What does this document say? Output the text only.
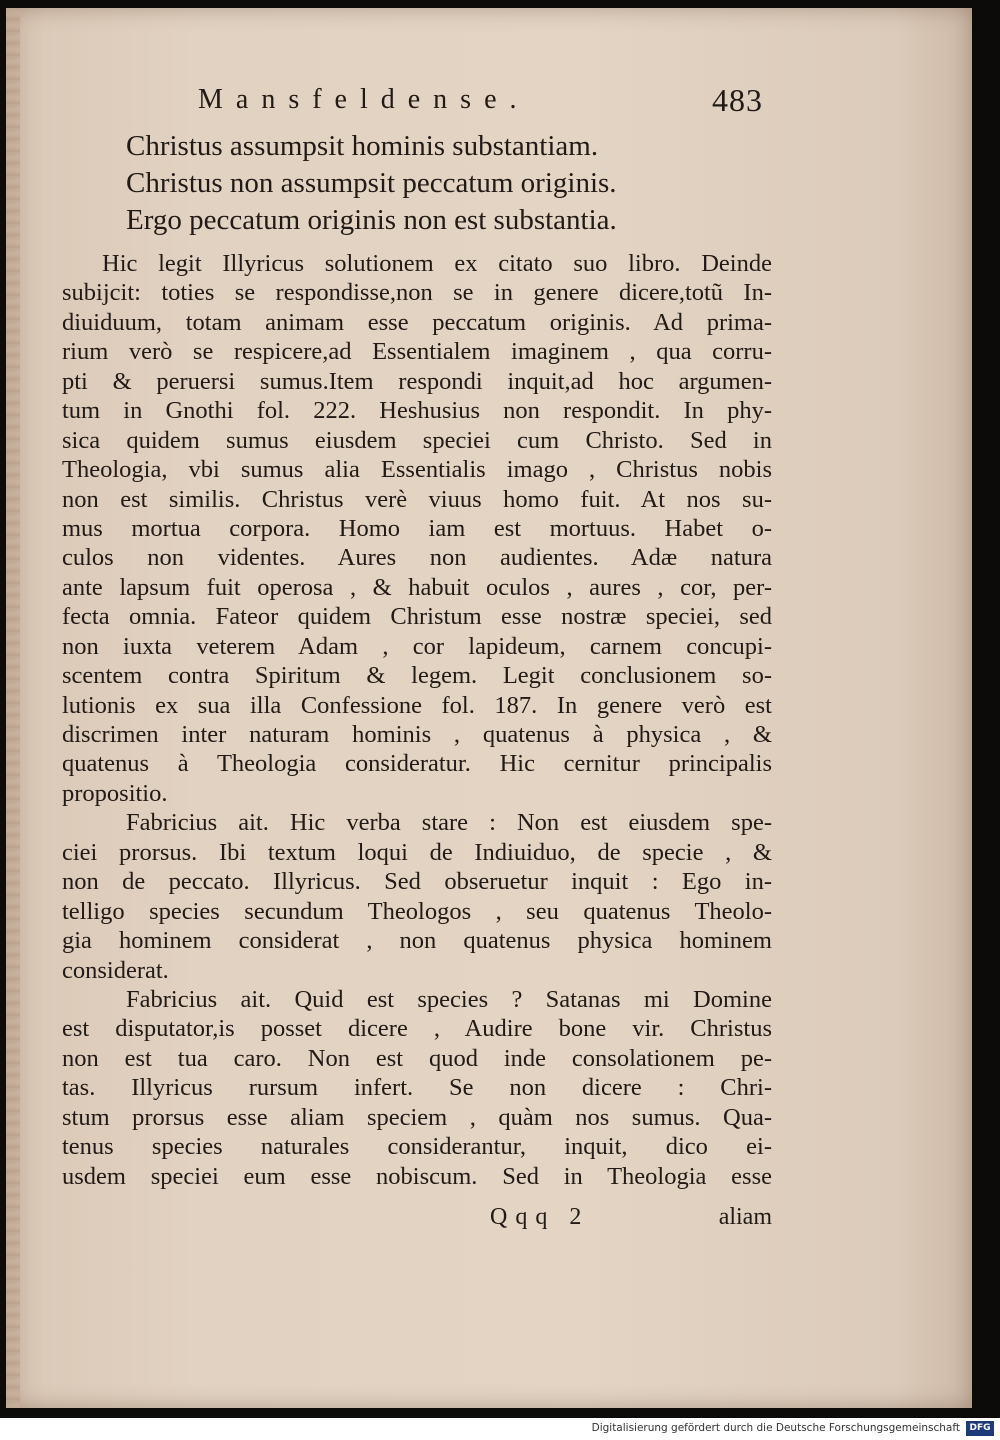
Mansfeldense.	483
Christus assumpsit hominis substantiam.
Christus non assumpsit peccatum originis.
Ergo peccatum originis non est substantia.
Hic legit Illyricus solutionem ex citato suo libro. Deinde
subijcit: toties se respondisse,non se in genere dicere,totũ In-
diuiduum, totam animam esse peccatum originis. Ad prima-
rium verò se respicere,ad Essentialem imaginem , qua corru-
pti & peruersi sumus.Item respondi inquit,ad hoc argumen-
tum in Gnothi fol. 222. Heshusius non respondit. In phy-
sica quidem sumus eiusdem speciei cum Christo. Sed in
Theologia, vbi sumus alia Essentialis imago , Christus nobis
non est similis. Christus verè viuus homo fuit. At nos su-
mus mortua corpora. Homo iam est mortuus. Habet o-
culos non videntes. Aures non audientes. Adæ natura
ante lapsum fuit operosa , & habuit oculos , aures , cor, per-
fecta omnia. Fateor quidem Christum esse nostræ speciei, sed
non iuxta veterem Adam , cor lapideum, carnem concupi-
scentem contra Spiritum & legem. Legit conclusionem so-
lutionis ex sua illa Confessione fol. 187. In genere verò est
discrimen inter naturam hominis , quatenus à physica , &
quatenus à Theologia consideratur. Hic cernitur principalis
propositio.
Fabricius ait. Hic verba stare : Non est eiusdem spe-
ciei prorsus. Ibi textum loqui de Indiuiduo, de specie , &
non de peccato. Illyricus. Sed obseruetur inquit : Ego in-
telligo species secundum Theologos , seu quatenus Theolo-
gia hominem considerat , non quatenus physica hominem
considerat.
Fabricius ait. Quid est species ? Satanas mi Domine
est disputator,is posset dicere , Audire bone vir. Christus
non est tua caro. Non est quod inde consolationem pe-
tas. Illyricus rursum infert. Se non dicere : Chri-
stum prorsus esse aliam speciem , quàm nos sumus. Qua-
tenus species naturales considerantur, inquit, dico ei-
usdem speciei eum esse nobiscum. Sed in Theologia esse
Qqq 2	aliam
Digitalisierung gefördert durch die Deutsche Forschungsgemeinschaft	DFG
